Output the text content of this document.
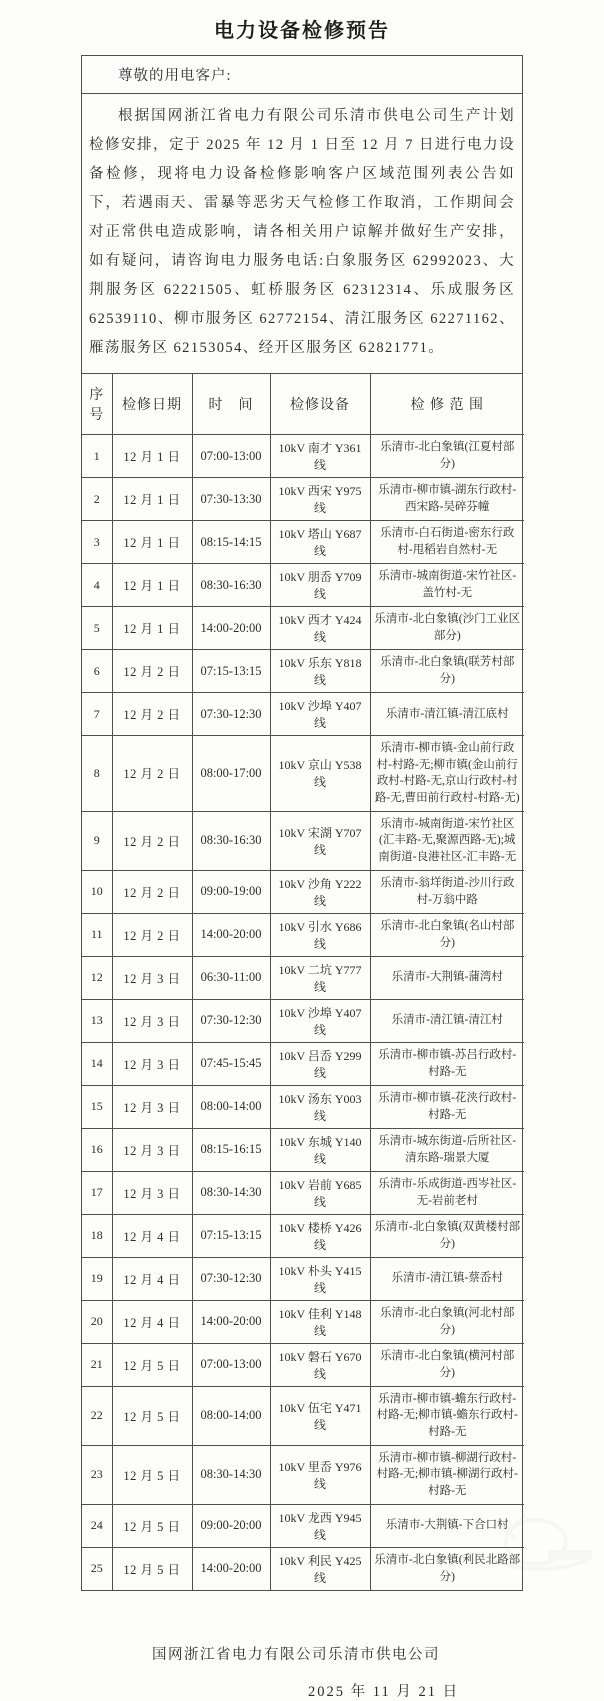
电力设备检修预告
尊敬的用电客户:

根据国网浙江省电力有限公司乐清市供电公司生产计划检修安排，定于 2025 年 12 月 1 日至 12 月 7 日进行电力设备检修，现将电力设备检修影响客户区域范围列表公告如下，若遇雨天、雷暴等恶劣天气检修工作取消，工作期间会对正常供电造成影响，请各相关用户谅解并做好生产安排，如有疑问，请咨询电力服务电话:白象服务区 62992023、大荆服务区 62221505、虹桥服务区 62312314、乐成服务区 62539110、柳市服务区 62772154、清江服务区 62271162、雁荡服务区 62153054、经开区服务区 62821771。

序号	检修日期	时　间	检修设备	检 修 范 围
1	12 月 1 日	07:00-13:00	10kV 南才 Y361 线	乐清市-北白象镇(江夏村部分)
2	12 月 1 日	07:30-13:30	10kV 西宋 Y975 线	乐清市-柳市镇-湖东行政村-西宋路-吴碎芬幢
3	12 月 1 日	08:15-14:15	10kV 塔山 Y687 线	乐清市-白石街道-密东行政村-甩稻岩自然村-无
4	12 月 1 日	08:30-16:30	10kV 朋岙 Y709 线	乐清市-城南街道-宋竹社区-盖竹村-无
5	12 月 1 日	14:00-20:00	10kV 西才 Y424 线	乐清市-北白象镇(沙门工业区部分)
6	12 月 2 日	07:15-13:15	10kV 乐东 Y818 线	乐清市-北白象镇(联芳村部分)
7	12 月 2 日	07:30-12:30	10kV 沙埠 Y407 线	乐清市-清江镇-清江底村
8	12 月 2 日	08:00-17:00	10kV 京山 Y538 线	乐清市-柳市镇-金山前行政村-村路-无;柳市镇(金山前行政村-村路-无,京山行政村-村路-无,曹田前行政村-村路-无)
9	12 月 2 日	08:30-16:30	10kV 宋湖 Y707 线	乐清市-城南街道-宋竹社区(汇丰路-无,聚源西路-无);城南街道-良港社区-汇丰路-无
10	12 月 2 日	09:00-19:00	10kV 沙角 Y222 线	乐清市-翁垟街道-沙川行政村-万翁中路
11	12 月 2 日	14:00-20:00	10kV 引水 Y686 线	乐清市-北白象镇(名山村部分)
12	12 月 3 日	06:30-11:00	10kV 二坑 Y777 线	乐清市-大荆镇-蒲湾村
13	12 月 3 日	07:30-12:30	10kV 沙埠 Y407 线	乐清市-清江镇-清江村
14	12 月 3 日	07:45-15:45	10kV 吕岙 Y299 线	乐清市-柳市镇-苏吕行政村-村路-无
15	12 月 3 日	08:00-14:00	10kV 汤东 Y003 线	乐清市-柳市镇-花浃行政村-村路-无
16	12 月 3 日	08:15-16:15	10kV 东城 Y140 线	乐清市-城东街道-后所社区-清东路-瑞景大厦
17	12 月 3 日	08:30-14:30	10kV 岩前 Y685 线	乐清市-乐成街道-西岑社区-无-岩前老村
18	12 月 4 日	07:15-13:15	10kV 楼桥 Y426 线	乐清市-北白象镇(双黄楼村部分)
19	12 月 4 日	07:30-12:30	10kV 朴头 Y415 线	乐清市-清江镇-蔡岙村
20	12 月 4 日	14:00-20:00	10kV 佳利 Y148 线	乐清市-北白象镇(河北村部分)
21	12 月 5 日	07:00-13:00	10kV 磐石 Y670 线	乐清市-北白象镇(横河村部分)
22	12 月 5 日	08:00-14:00	10kV 伍宅 Y471 线	乐清市-柳市镇-蟾东行政村-村路-无;柳市镇-蟾东行政村-村路-无
23	12 月 5 日	08:30-14:30	10kV 里岙 Y976 线	乐清市-柳市镇-柳湖行政村-村路-无;柳市镇-柳湖行政村-村路-无
24	12 月 5 日	09:00-20:00	10kV 龙西 Y945 线	乐清市-大荆镇-下合口村
25	12 月 5 日	14:00-20:00	10kV 利民 Y425 线	乐清市-北白象镇(利民北路部分)
国网浙江省电力有限公司乐清市供电公司
2025 年 11 月 21 日
